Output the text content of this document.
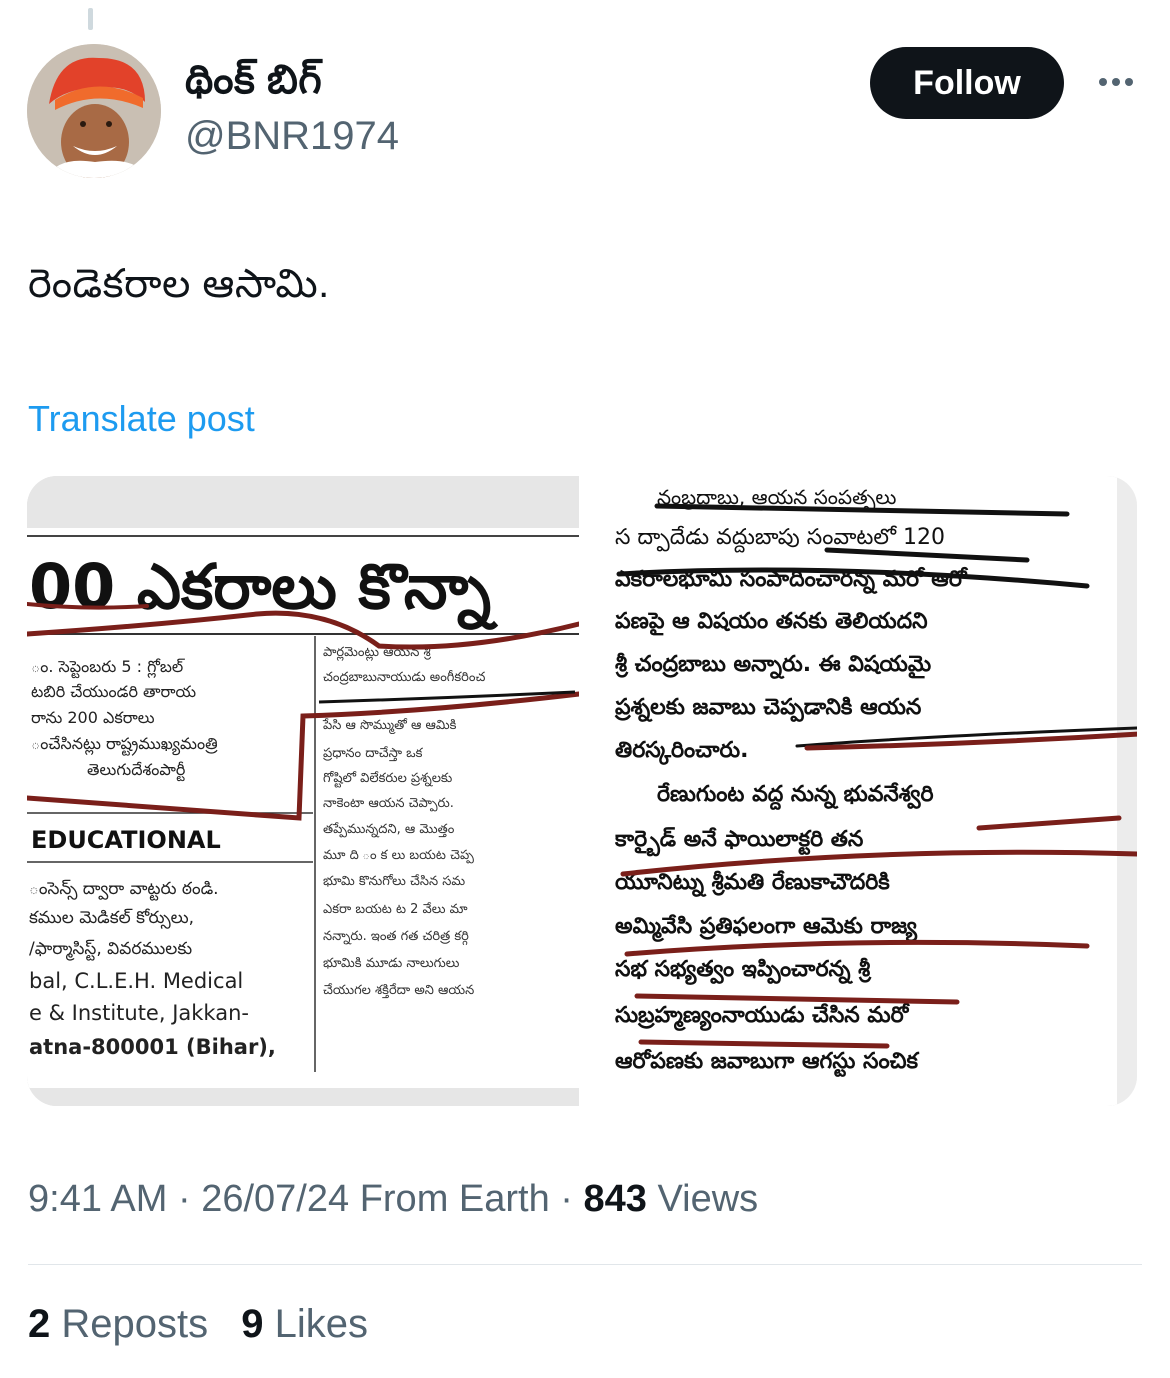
థింక్ బిగ్
@BNR1974
Follow
రెండెకరాల ఆసామి.
Translate post
00 ఎకరాలు కొన్నా
ం. సెప్టెంబరు 5 : గ్లోబల్
టబిరి చేయుండరి తారాయ
రాను 200 ఎకరాలు
ంచేసినట్లు రాష్ట్రముఖ్యమంత్రి
తెలుగుదేశంపార్టీ
EDUCATIONAL
ంసెన్స్ ద్వారా వాట్టరు ఠండి.
కముల మెడికల్ కోర్సులు,
/ఫార్మాసిస్ట్, వివరములకు
bal, C.L.E.H. Medical
e & Institute, Jakkan-
atna-800001 (Bihar),
పార్లమెంట్లు ఆయన శ్రీ
చంద్రబాబునాయుడు అంగీకరించ
పేసి ఆ సొమ్ముతో ఆ ఆమికి
ప్రధానం దాచేస్తా ఒక
గోష్టిలో విలేకరుల ప్రశ్నలకు
నాకెంటా ఆయన చెప్పారు.
తప్పేమున్నదని, ఆ మొత్తం
మూ ది ం క లు బయట చెప్ప
భూమి కొనుగోలు చేసిన సమ
ఎకరా బయట ట 2 వేలు మా
నన్నారు. ఇంత గత చరిత్ర కర్గి
భూమికి మూడు నాలుగులు
చేయుగల శక్తిరేదా అని ఆయన
నంబ్రదాబు, ఆయన సంపత్ఫలు
స ద్పాదేడు వద్దుబాపు సంవాటలో 120
ఎకరాలభూమి సంపాదించారన్న మరో ఆరో
పణపై ఆ విషయం తనకు తెలియదని
శ్రీ చంద్రబాబు అన్నారు. ఈ విషయమై
ప్రశ్నలకు జవాబు చెప్పడానికి ఆయన
తిరస్కరించారు.
రేణుగుంట వద్ద నున్న భువనేశ్వరి
కార్బైడ్ అనే ఫాయిలాక్టరి తన
యూనిట్ను శ్రీమతి రేణుకాచౌదరికి
అమ్మివేసి ప్రతిఫలంగా ఆమెకు రాజ్య
సభ సభ్యత్వం ఇప్పించారన్న శ్రీ
సుబ్రహ్మణ్యంనాయుడు చేసిన మరో
ఆరోపణకు జవాబుగా ఆగస్టు సంచిక
9:41 AM · 26/07/24 From Earth · 843 Views
2 Reposts 9 Likes
